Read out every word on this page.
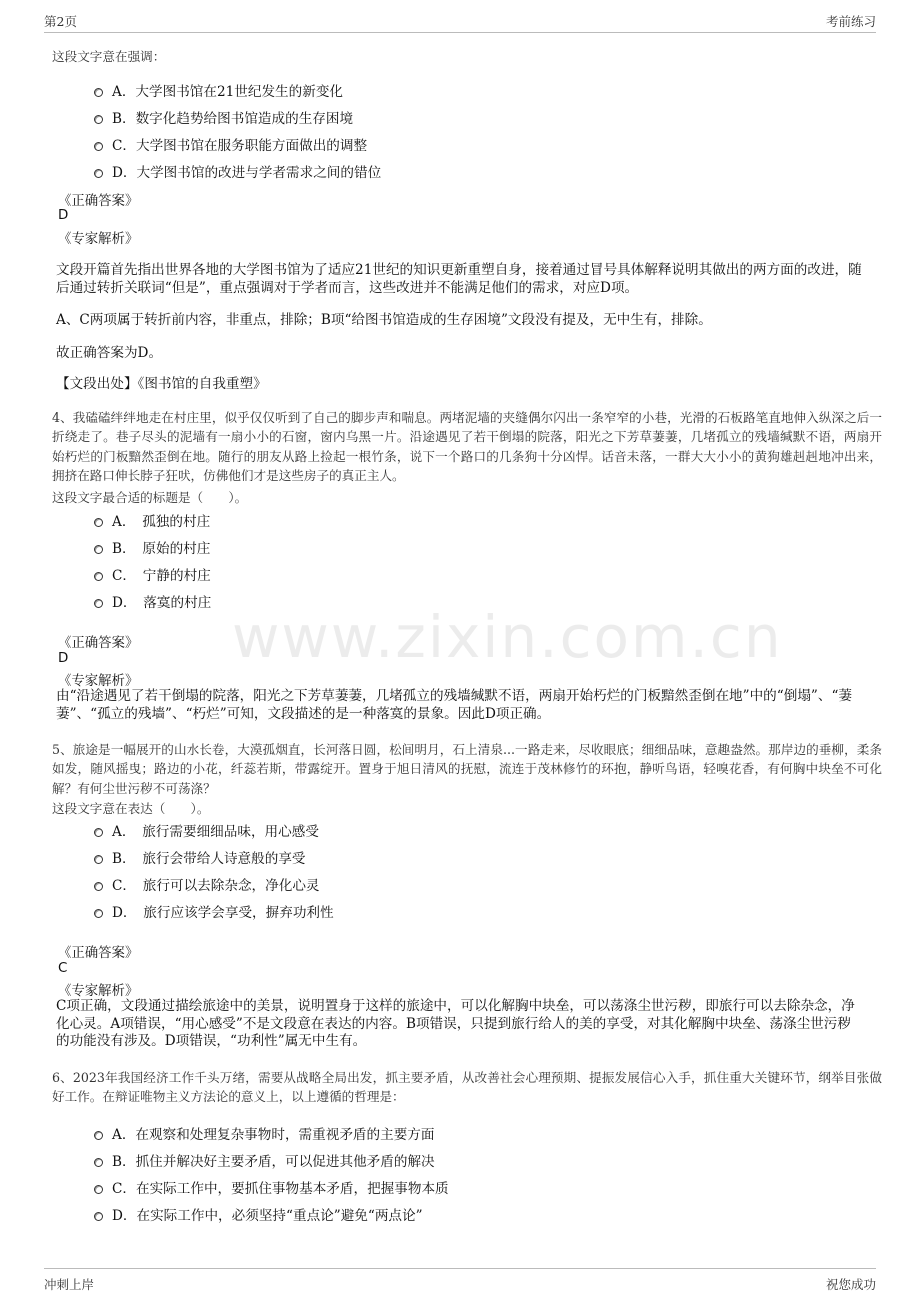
第2页	考前练习
www.zixin.com.cn
这段文字意在强调：
A．大学图书馆在21世纪发生的新变化
B．数字化趋势给图书馆造成的生存困境
C．大学图书馆在服务职能方面做出的调整
D．大学图书馆的改进与学者需求之间的错位
《正确答案》
D
《专家解析》
文段开篇首先指出世界各地的大学图书馆为了适应21世纪的知识更新重塑自身，接着通过冒号具体解释说明其做出的两方面的改进，随后通过转折关联词“但是”，重点强调对于学者而言，这些改进并不能满足他们的需求，对应D项。
A、C两项属于转折前内容，非重点，排除；B项“给图书馆造成的生存困境”文段没有提及，无中生有，排除。
故正确答案为D。
【文段出处】《图书馆的自我重塑》
4、我磕磕绊绊地走在村庄里，似乎仅仅听到了自己的脚步声和喘息。两堵泥墙的夹缝偶尔闪出一条窄窄的小巷，光滑的石板路笔直地伸入纵深之后一折绕走了。巷子尽头的泥墙有一扇小小的石窗，窗内乌黑一片。沿途遇见了若干倒塌的院落，阳光之下芳草萋萋，几堵孤立的残墙缄默不语，两扇开始朽烂的门板黯然歪倒在地。随行的朋友从路上捡起一根竹条，说下一个路口的几条狗十分凶悍。话音未落，一群大大小小的黄狗雄赳赳地冲出来，拥挤在路口伸长脖子狂吠，仿佛他们才是这些房子的真正主人。
这段文字最合适的标题是（　　）。
A．　孤独的村庄
B．　原始的村庄
C．　宁静的村庄
D．　落寞的村庄
《正确答案》
D
《专家解析》
由“沿途遇见了若干倒塌的院落，阳光之下芳草萋萋，几堵孤立的残墙缄默不语，两扇开始朽烂的门板黯然歪倒在地”中的“倒塌”、“萋萋”、“孤立的残墙”、“朽烂”可知，文段描述的是一种落寞的景象。因此D项正确。
5、旅途是一幅展开的山水长卷，大漠孤烟直，长河落日圆，松间明月，石上清泉...一路走来，尽收眼底；细细品味，意趣盎然。那岸边的垂柳，柔条如发，随风摇曳；路边的小花，纤蕊若斯，带露绽开。置身于旭日清风的抚慰，流连于茂林修竹的环抱，静听鸟语，轻嗅花香，有何胸中块垒不可化解？有何尘世污秽不可荡涤？
这段文字意在表达（　　）。
A．　旅行需要细细品味，用心感受
B．　旅行会带给人诗意般的享受
C．　旅行可以去除杂念，净化心灵
D．　旅行应该学会享受，摒弃功利性
《正确答案》
C
《专家解析》
C项正确，文段通过描绘旅途中的美景，说明置身于这样的旅途中，可以化解胸中块垒，可以荡涤尘世污秽，即旅行可以去除杂念，净化心灵。A项错误，“用心感受”不是文段意在表达的内容。B项错误，只提到旅行给人的美的享受，对其化解胸中块垒、荡涤尘世污秽的功能没有涉及。D项错误，“功利性”属无中生有。
6、2023年我国经济工作千头万绪，需要从战略全局出发，抓主要矛盾，从改善社会心理预期、提振发展信心入手，抓住重大关键环节，纲举目张做好工作。在辩证唯物主义方法论的意义上，以上遵循的哲理是：
A．在观察和处理复杂事物时，需重视矛盾的主要方面
B．抓住并解决好主要矛盾，可以促进其他矛盾的解决
C．在实际工作中，要抓住事物基本矛盾，把握事物本质
D．在实际工作中，必须坚持“重点论”避免“两点论”
冲刺上岸	祝您成功
